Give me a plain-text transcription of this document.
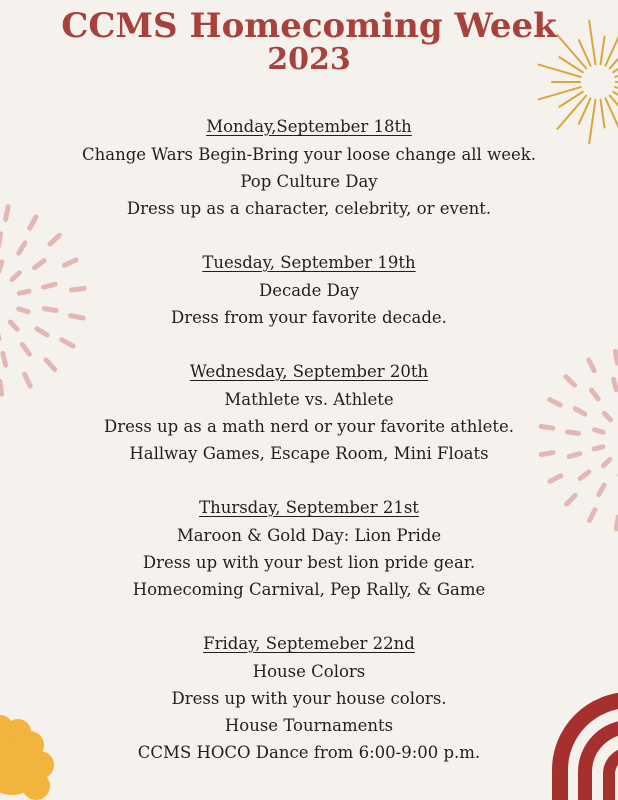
CCMS Homecoming Week
2023

Monday,September 18th

Change Wars Begin-Bring your loose change all week.

Pop Culture Day

Dress up as a character, celebrity, or event.

Tuesday, September 19th

Decade Day

Dress from your favorite decade.

Wednesday, September 20th

Mathlete vs. Athlete

Dress up as a math nerd or your favorite athlete.

Hallway Games, Escape Room, Mini Floats

Thursday, September 21st

Maroon & Gold Day: Lion Pride

Dress up with your best lion pride gear.

Homecoming Carnival, Pep Rally, & Game

Friday, Septemeber 22nd

House Colors

Dress up with your house colors.

House Tournaments

CCMS HOCO Dance from 6:00-9:00 p.m.
